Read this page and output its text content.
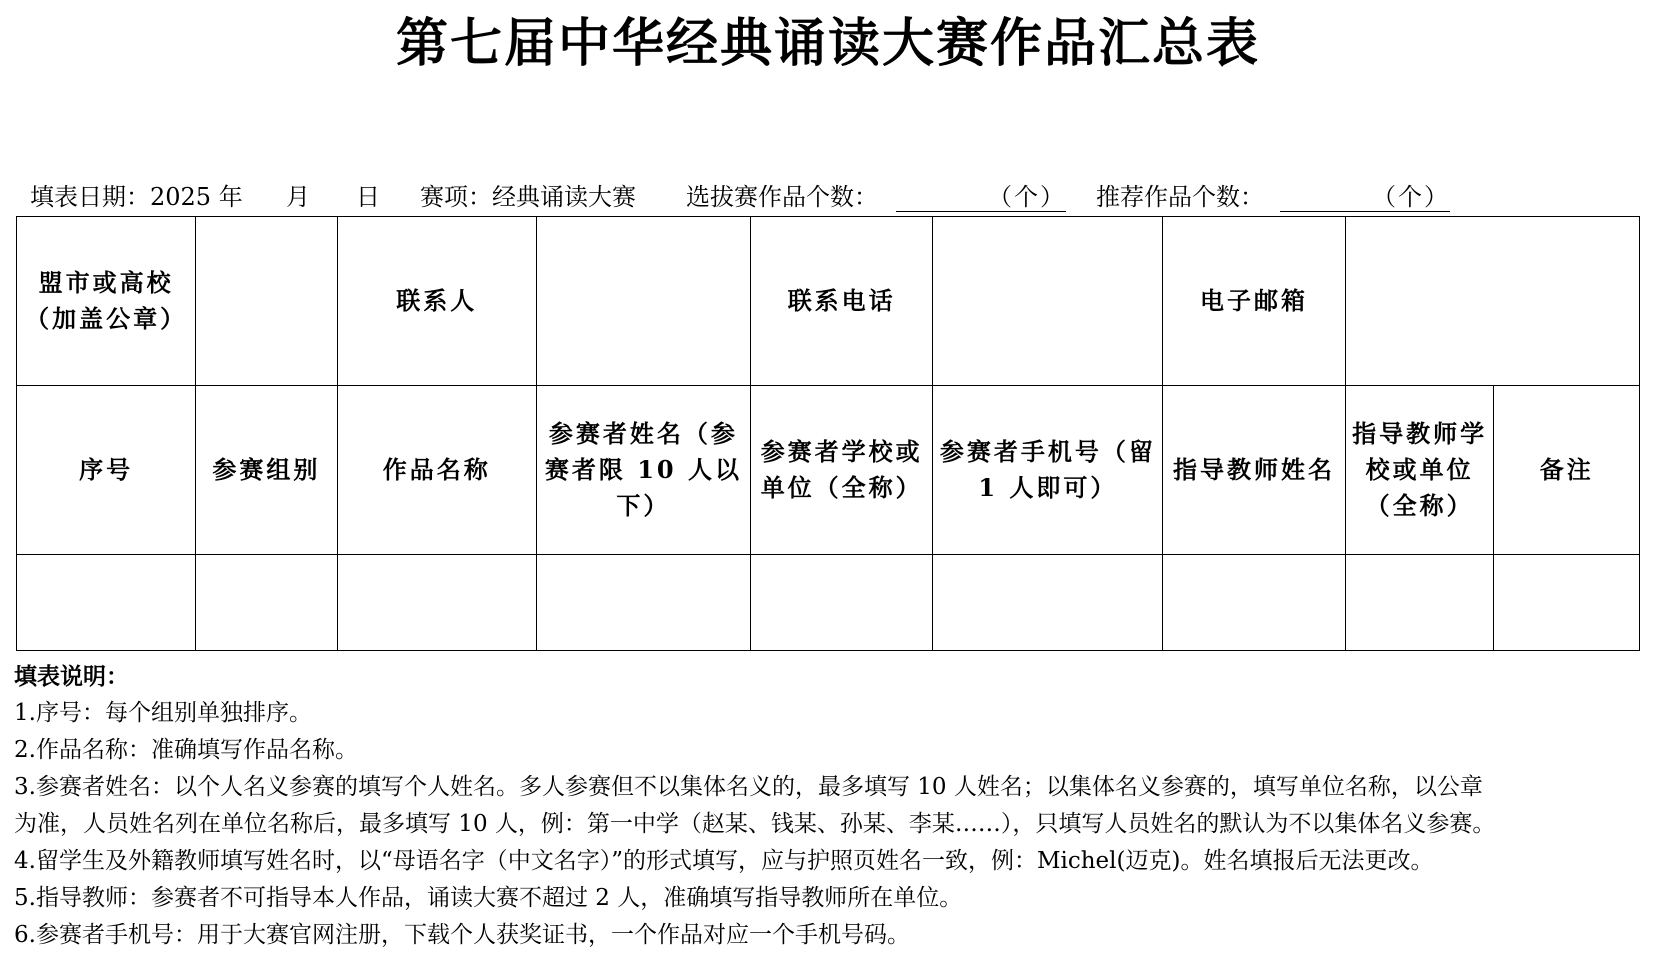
第七届中华经典诵读大赛作品汇总表
填表日期：2025 年 月 日 赛项：经典诵读大赛 选拔赛作品个数：	（个） 推荐作品个数：	（个）
盟市或高校（加盖公章）		联系人		联系电话		电子邮箱		
序号	参赛组别	作品名称	参赛者姓名（参赛者限 10 人以下）	参赛者学校或单位（全称）	参赛者手机号（留 1 人即可）	指导教师姓名	指导教师学校或单位（全称）	备注

填表说明：
1.序号：每个组别单独排序。
2.作品名称：准确填写作品名称。
3.参赛者姓名：以个人名义参赛的填写个人姓名。多人参赛但不以集体名义的，最多填写 10 人姓名；以集体名义参赛的，填写单位名称，以公章
为准，人员姓名列在单位名称后，最多填写 10 人，例：第一中学（赵某、钱某、孙某、李某……），只填写人员姓名的默认为不以集体名义参赛。
4.留学生及外籍教师填写姓名时，以“母语名字（中文名字）”的形式填写，应与护照页姓名一致，例：Michel(迈克)。姓名填报后无法更改。
5.指导教师：参赛者不可指导本人作品，诵读大赛不超过 2 人，准确填写指导教师所在单位。
6.参赛者手机号：用于大赛官网注册，下载个人获奖证书，一个作品对应一个手机号码。
